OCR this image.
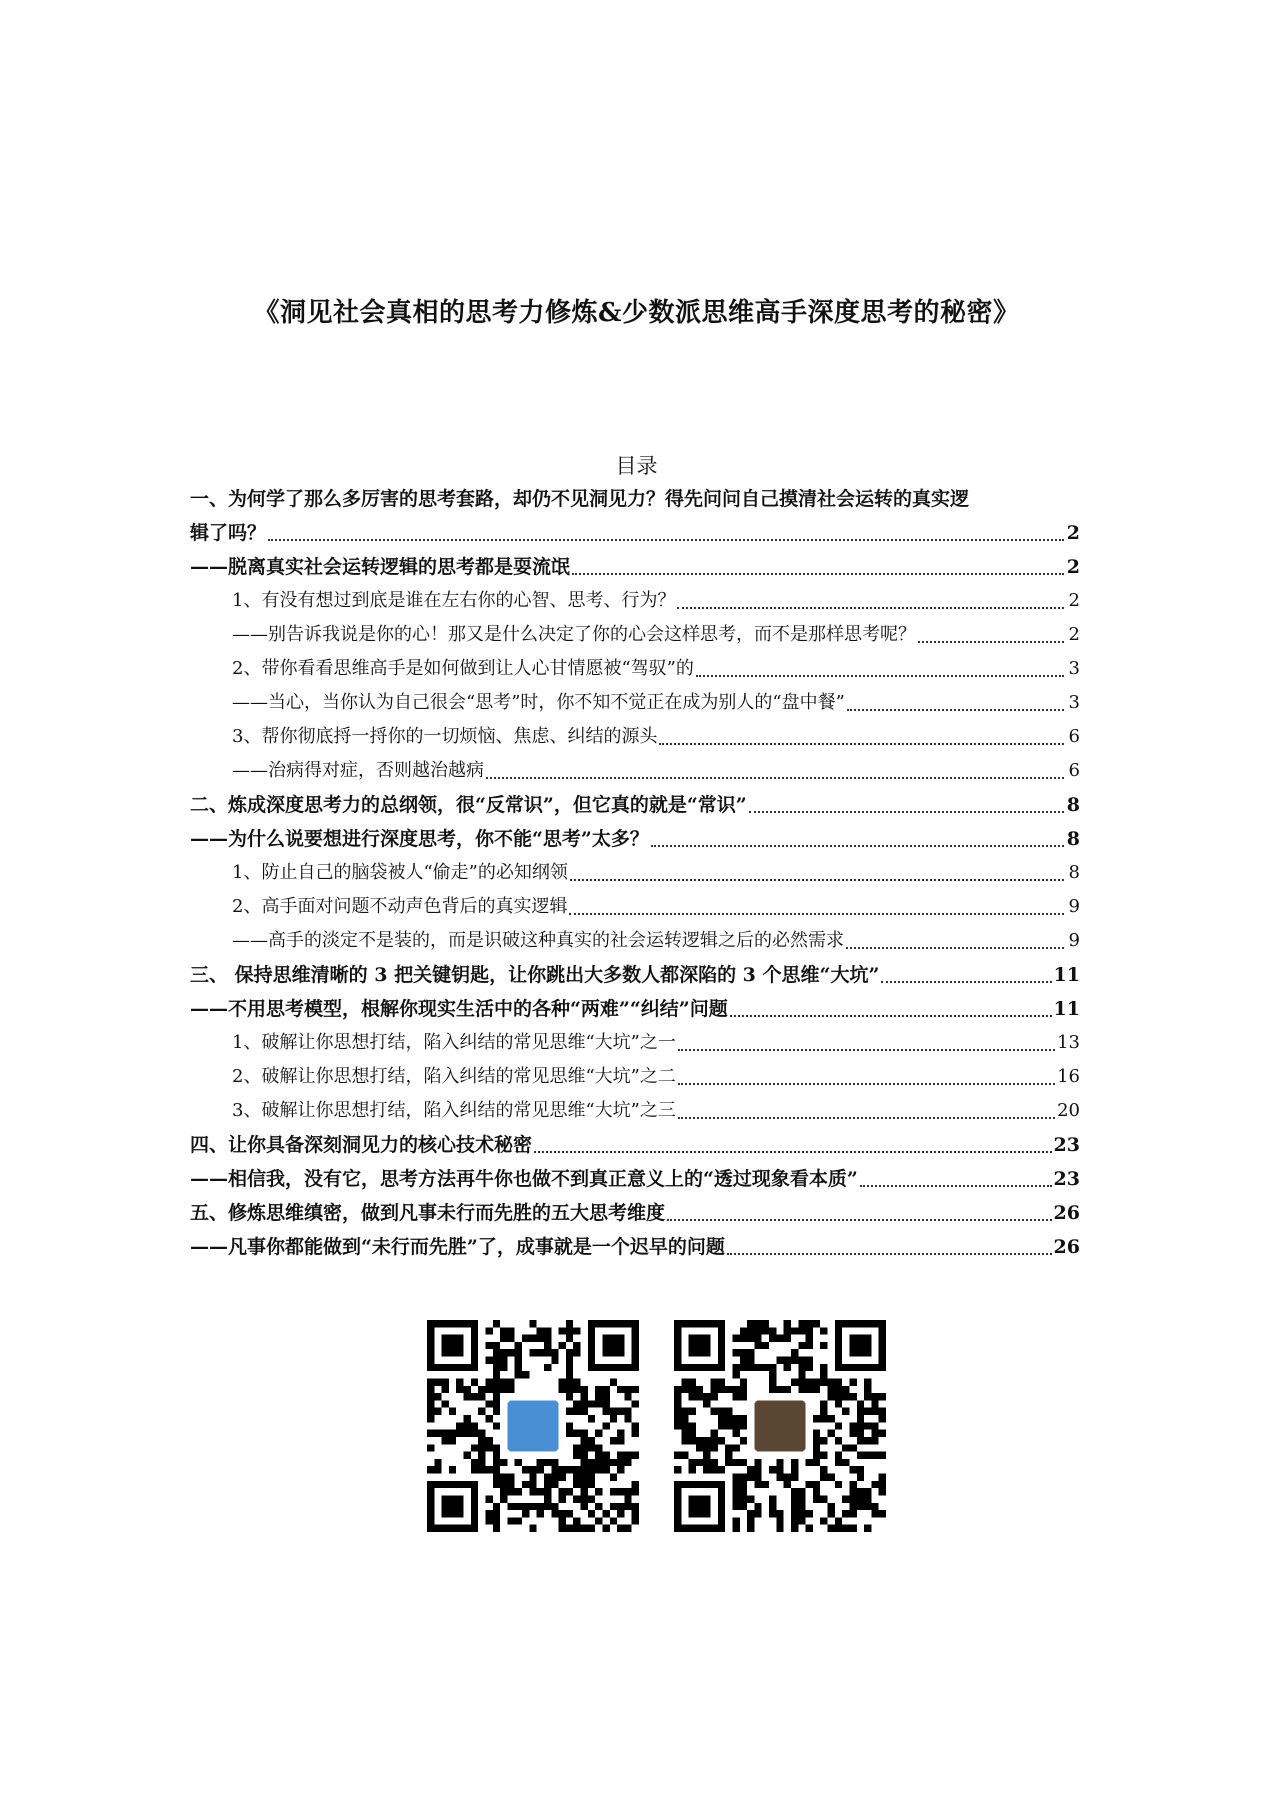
《洞见社会真相的思考力修炼&少数派思维高手深度思考的秘密》
目录
一、为何学了那么多厉害的思考套路，却仍不见洞见力？得先问问自己摸清社会运转的真实逻
辑了吗？	2
——脱离真实社会运转逻辑的思考都是耍流氓	2
1、有没有想过到底是谁在左右你的心智、思考、行为？	2
——别告诉我说是你的心！那又是什么决定了你的心会这样思考，而不是那样思考呢？	2
2、带你看看思维高手是如何做到让人心甘情愿被“驾驭”的	3
——当心，当你认为自己很会“思考”时，你不知不觉正在成为别人的“盘中餐”	3
3、帮你彻底捋一捋你的一切烦恼、焦虑、纠结的源头	6
——治病得对症，否则越治越病	6
二、炼成深度思考力的总纲领，很“反常识”，但它真的就是“常识”	8
——为什么说要想进行深度思考，你不能“思考”太多？	8
1、防止自己的脑袋被人“偷走”的必知纲领	8
2、高手面对问题不动声色背后的真实逻辑	9
——高手的淡定不是装的，而是识破这种真实的社会运转逻辑之后的必然需求	9
三、 保持思维清晰的 3 把关键钥匙，让你跳出大多数人都深陷的 3 个思维“大坑”	11
——不用思考模型，根解你现实生活中的各种“两难”“纠结”问题	11
1、破解让你思想打结，陷入纠结的常见思维“大坑”之一	13
2、破解让你思想打结，陷入纠结的常见思维“大坑”之二	16
3、破解让你思想打结，陷入纠结的常见思维“大坑”之三	20
四、让你具备深刻洞见力的核心技术秘密	23
——相信我，没有它，思考方法再牛你也做不到真正意义上的“透过现象看本质”	23
五、修炼思维缜密，做到凡事未行而先胜的五大思考维度	26
——凡事你都能做到“未行而先胜”了，成事就是一个迟早的问题	26
